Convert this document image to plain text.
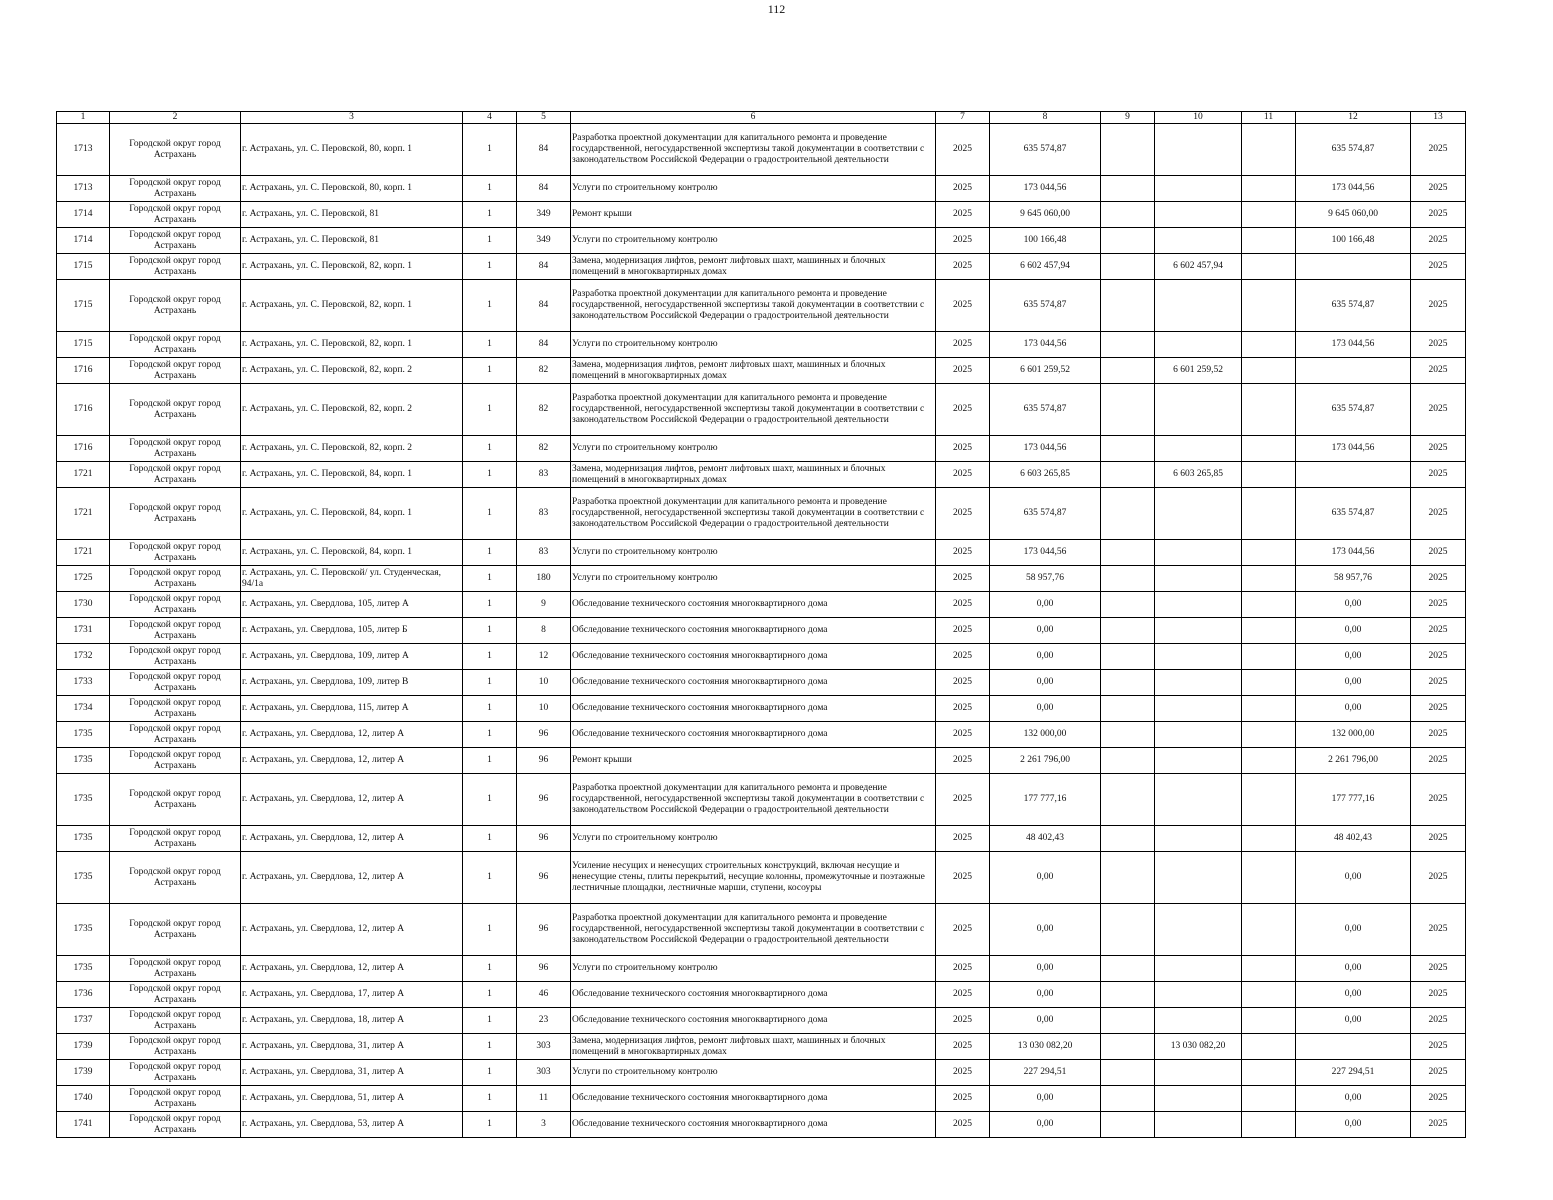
112
1	2	3	4	5	6	7	8	9	10	11	12	13
1713	Городской округ город Астрахань	г. Астрахань, ул. С. Перовской, 80, корп. 1	1	84	Разработка проектной документации для капитального ремонта и проведение государственной, негосударственной экспертизы такой документации в соответствии с законодательством Российской Федерации о градостроительной деятельности	2025	635 574,87				635 574,87	2025
1713	Городской округ город Астрахань	г. Астрахань, ул. С. Перовской, 80, корп. 1	1	84	Услуги по строительному контролю	2025	173 044,56				173 044,56	2025
1714	Городской округ город Астрахань	г. Астрахань, ул. С. Перовской, 81	1	349	Ремонт крыши	2025	9 645 060,00				9 645 060,00	2025
1714	Городской округ город Астрахань	г. Астрахань, ул. С. Перовской, 81	1	349	Услуги по строительному контролю	2025	100 166,48				100 166,48	2025
1715	Городской округ город Астрахань	г. Астрахань, ул. С. Перовской, 82, корп. 1	1	84	Замена, модернизация лифтов, ремонт лифтовых шахт, машинных и блочных помещений в многоквартирных домах	2025	6 602 457,94		6 602 457,94			2025
1715	Городской округ город Астрахань	г. Астрахань, ул. С. Перовской, 82, корп. 1	1	84	Разработка проектной документации для капитального ремонта и проведение государственной, негосударственной экспертизы такой документации в соответствии с законодательством Российской Федерации о градостроительной деятельности	2025	635 574,87				635 574,87	2025
1715	Городской округ город Астрахань	г. Астрахань, ул. С. Перовской, 82, корп. 1	1	84	Услуги по строительному контролю	2025	173 044,56				173 044,56	2025
1716	Городской округ город Астрахань	г. Астрахань, ул. С. Перовской, 82, корп. 2	1	82	Замена, модернизация лифтов, ремонт лифтовых шахт, машинных и блочных помещений в многоквартирных домах	2025	6 601 259,52		6 601 259,52			2025
1716	Городской округ город Астрахань	г. Астрахань, ул. С. Перовской, 82, корп. 2	1	82	Разработка проектной документации для капитального ремонта и проведение государственной, негосударственной экспертизы такой документации в соответствии с законодательством Российской Федерации о градостроительной деятельности	2025	635 574,87				635 574,87	2025
1716	Городской округ город Астрахань	г. Астрахань, ул. С. Перовской, 82, корп. 2	1	82	Услуги по строительному контролю	2025	173 044,56				173 044,56	2025
1721	Городской округ город Астрахань	г. Астрахань, ул. С. Перовской, 84, корп. 1	1	83	Замена, модернизация лифтов, ремонт лифтовых шахт, машинных и блочных помещений в многоквартирных домах	2025	6 603 265,85		6 603 265,85			2025
1721	Городской округ город Астрахань	г. Астрахань, ул. С. Перовской, 84, корп. 1	1	83	Разработка проектной документации для капитального ремонта и проведение государственной, негосударственной экспертизы такой документации в соответствии с законодательством Российской Федерации о градостроительной деятельности	2025	635 574,87				635 574,87	2025
1721	Городской округ город Астрахань	г. Астрахань, ул. С. Перовской, 84, корп. 1	1	83	Услуги по строительному контролю	2025	173 044,56				173 044,56	2025
1725	Городской округ город Астрахань	г. Астрахань, ул. С. Перовской/ ул. Студенческая, 94/1а	1	180	Услуги по строительному контролю	2025	58 957,76				58 957,76	2025
1730	Городской округ город Астрахань	г. Астрахань, ул. Свердлова, 105, литер А	1	9	Обследование технического состояния многоквартирного дома	2025	0,00				0,00	2025
1731	Городской округ город Астрахань	г. Астрахань, ул. Свердлова, 105, литер Б	1	8	Обследование технического состояния многоквартирного дома	2025	0,00				0,00	2025
1732	Городской округ город Астрахань	г. Астрахань, ул. Свердлова, 109, литер А	1	12	Обследование технического состояния многоквартирного дома	2025	0,00				0,00	2025
1733	Городской округ город Астрахань	г. Астрахань, ул. Свердлова, 109, литер В	1	10	Обследование технического состояния многоквартирного дома	2025	0,00				0,00	2025
1734	Городской округ город Астрахань	г. Астрахань, ул. Свердлова, 115, литер А	1	10	Обследование технического состояния многоквартирного дома	2025	0,00				0,00	2025
1735	Городской округ город Астрахань	г. Астрахань, ул. Свердлова, 12, литер А	1	96	Обследование технического состояния многоквартирного дома	2025	132 000,00				132 000,00	2025
1735	Городской округ город Астрахань	г. Астрахань, ул. Свердлова, 12, литер А	1	96	Ремонт крыши	2025	2 261 796,00				2 261 796,00	2025
1735	Городской округ город Астрахань	г. Астрахань, ул. Свердлова, 12, литер А	1	96	Разработка проектной документации для капитального ремонта и проведение государственной, негосударственной экспертизы такой документации в соответствии с законодательством Российской Федерации о градостроительной деятельности	2025	177 777,16				177 777,16	2025
1735	Городской округ город Астрахань	г. Астрахань, ул. Свердлова, 12, литер А	1	96	Услуги по строительному контролю	2025	48 402,43				48 402,43	2025
1735	Городской округ город Астрахань	г. Астрахань, ул. Свердлова, 12, литер А	1	96	Усиление несущих и ненесущих строительных конструкций, включая несущие и ненесущие стены, плиты перекрытий, несущие колонны, промежуточные и поэтажные лестничные площадки, лестничные марши, ступени, косоуры	2025	0,00				0,00	2025
1735	Городской округ город Астрахань	г. Астрахань, ул. Свердлова, 12, литер А	1	96	Разработка проектной документации для капитального ремонта и проведение государственной, негосударственной экспертизы такой документации в соответствии с законодательством Российской Федерации о градостроительной деятельности	2025	0,00				0,00	2025
1735	Городской округ город Астрахань	г. Астрахань, ул. Свердлова, 12, литер А	1	96	Услуги по строительному контролю	2025	0,00				0,00	2025
1736	Городской округ город Астрахань	г. Астрахань, ул. Свердлова, 17, литер А	1	46	Обследование технического состояния многоквартирного дома	2025	0,00				0,00	2025
1737	Городской округ город Астрахань	г. Астрахань, ул. Свердлова, 18, литер А	1	23	Обследование технического состояния многоквартирного дома	2025	0,00				0,00	2025
1739	Городской округ город Астрахань	г. Астрахань, ул. Свердлова, 31, литер А	1	303	Замена, модернизация лифтов, ремонт лифтовых шахт, машинных и блочных помещений в многоквартирных домах	2025	13 030 082,20		13 030 082,20			2025
1739	Городской округ город Астрахань	г. Астрахань, ул. Свердлова, 31, литер А	1	303	Услуги по строительному контролю	2025	227 294,51				227 294,51	2025
1740	Городской округ город Астрахань	г. Астрахань, ул. Свердлова, 51, литер А	1	11	Обследование технического состояния многоквартирного дома	2025	0,00				0,00	2025
1741	Городской округ город Астрахань	г. Астрахань, ул. Свердлова, 53, литер А	1	3	Обследование технического состояния многоквартирного дома	2025	0,00				0,00	2025
